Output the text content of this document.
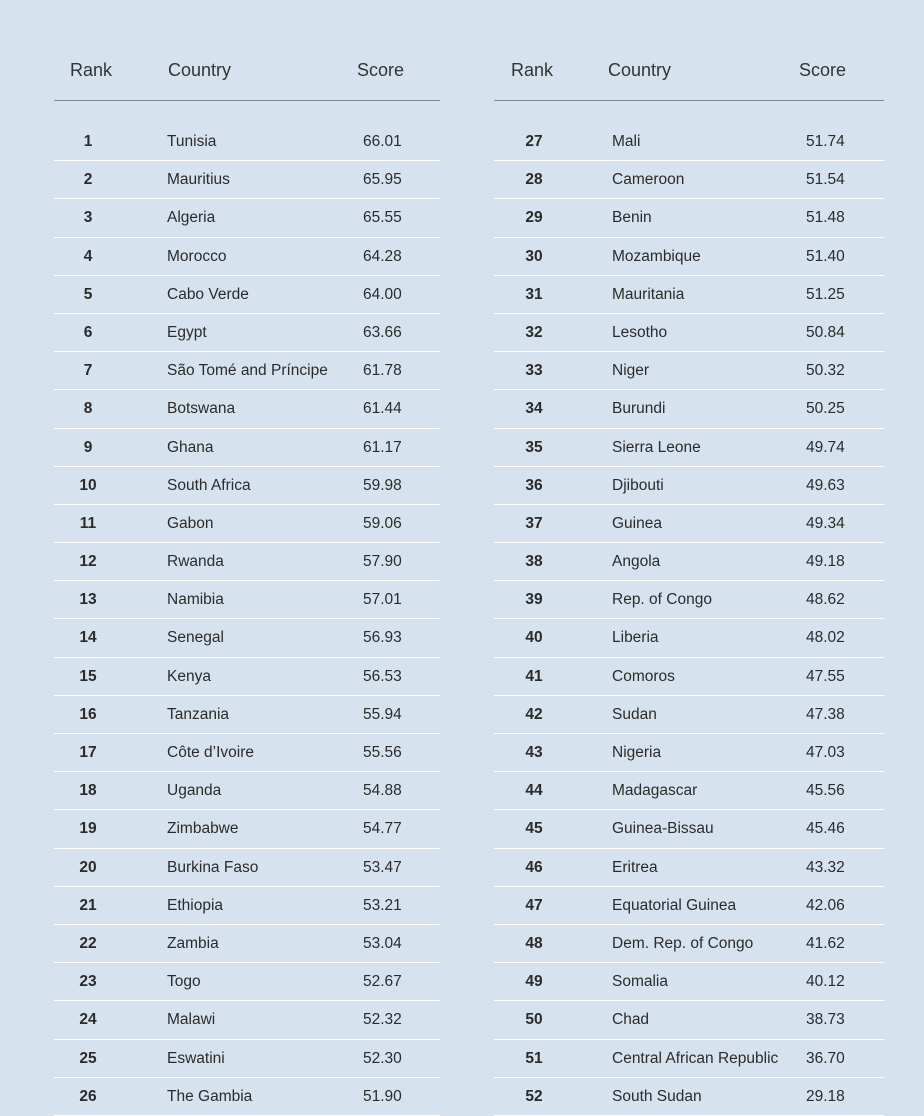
Rank	Country	Score
1	Tunisia	66.01
2	Mauritius	65.95
3	Algeria	65.55
4	Morocco	64.28
5	Cabo Verde	64.00
6	Egypt	63.66
7	São Tomé and Príncipe 61.78
8	Botswana	61.44
9	Ghana	61.17
10	South Africa	59.98
11	Gabon	59.06
12	Rwanda	57.90
13	Namibia	57.01
14	Senegal	56.93
15	Kenya	56.53
16	Tanzania	55.94
17	Côte d’Ivoire	55.56
18	Uganda	54.88
19	Zimbabwe	54.77
20	Burkina Faso	53.47
21	Ethiopia	53.21
22	Zambia	53.04
23	Togo	52.67
24	Malawi	52.32
25	Eswatini	52.30
26	The Gambia	51.90
Rank	Country	Score
27	Mali	51.74
28	Cameroon	51.54
29	Benin	51.48
30	Mozambique	51.40
31	Mauritania	51.25
32	Lesotho	50.84
33	Niger	50.32
34	Burundi	50.25
35	Sierra Leone	49.74
36	Djibouti	49.63
37	Guinea	49.34
38	Angola	49.18
39	Rep. of Congo	48.62
40	Liberia	48.02
41	Comoros	47.55
42	Sudan	47.38
43	Nigeria	47.03
44	Madagascar	45.56
45	Guinea-Bissau	45.46
46	Eritrea	43.32
47	Equatorial Guinea	42.06
48	Dem. Rep. of Congo	41.62
49	Somalia	40.12
50	Chad	38.73
51	Central African Republic 36.70
52	South Sudan	29.18
